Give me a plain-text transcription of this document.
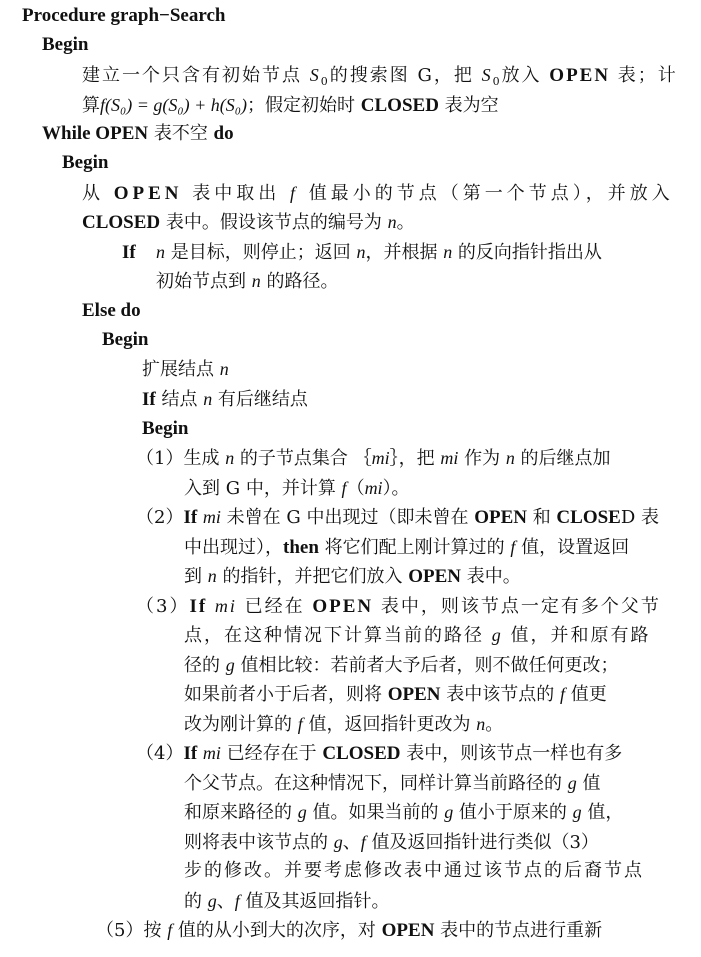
Procedure graph−Search
Begin
建立一个只含有初始节点 $S_0$的搜索图 G，把 $S_0$放入 OPEN 表；计
算f(S₀) = g(S₀) + h(S₀)；假定初始时 CLOSED 表为空
While OPEN 表不空 do
Begin
从 OPEN 表中取出 f 值最小的节点（第一个节点），并放入
CLOSED 表中。假设该节点的编号为 n。
If n 是目标，则停止；返回 n，并根据 n 的反向指针指出从
初始节点到 n 的路径。
Else do
Begin
扩展结点 n
If 结点 n 有后继结点
Begin
（1）生成 n 的子节点集合 ｛mi｝，把 mi 作为 n 的后继点加
入到 G 中，并计算 f（mi）。
（2）If mi 未曾在 G 中出现过（即未曾在 OPEN 和 CLOSED 表
中出现过），then 将它们配上刚计算过的 f 值，设置返回
到 n 的指针，并把它们放入 OPEN 表中。
（3）If mi 已经在 OPEN 表中，则该节点一定有多个父节
点，在这种情况下计算当前的路径 g 值，并和原有路
径的 g 值相比较：若前者大予后者，则不做任何更改；
如果前者小于后者，则将 OPEN 表中该节点的 f 值更
改为刚计算的 f 值，返回指针更改为 n。
（4）If mi 已经存在于 CLOSED 表中，则该节点一样也有多
个父节点。在这种情况下，同样计算当前路径的 g 值
和原来路径的 g 值。如果当前的 g 值小于原来的 g 值，
则将表中该节点的 g、f 值及返回指针进行类似（3）
步的修改。并要考虑修改表中通过该节点的后裔节点
的 g、f 值及其返回指针。
（5）按 f 值的从小到大的次序，对 OPEN 表中的节点进行重新
